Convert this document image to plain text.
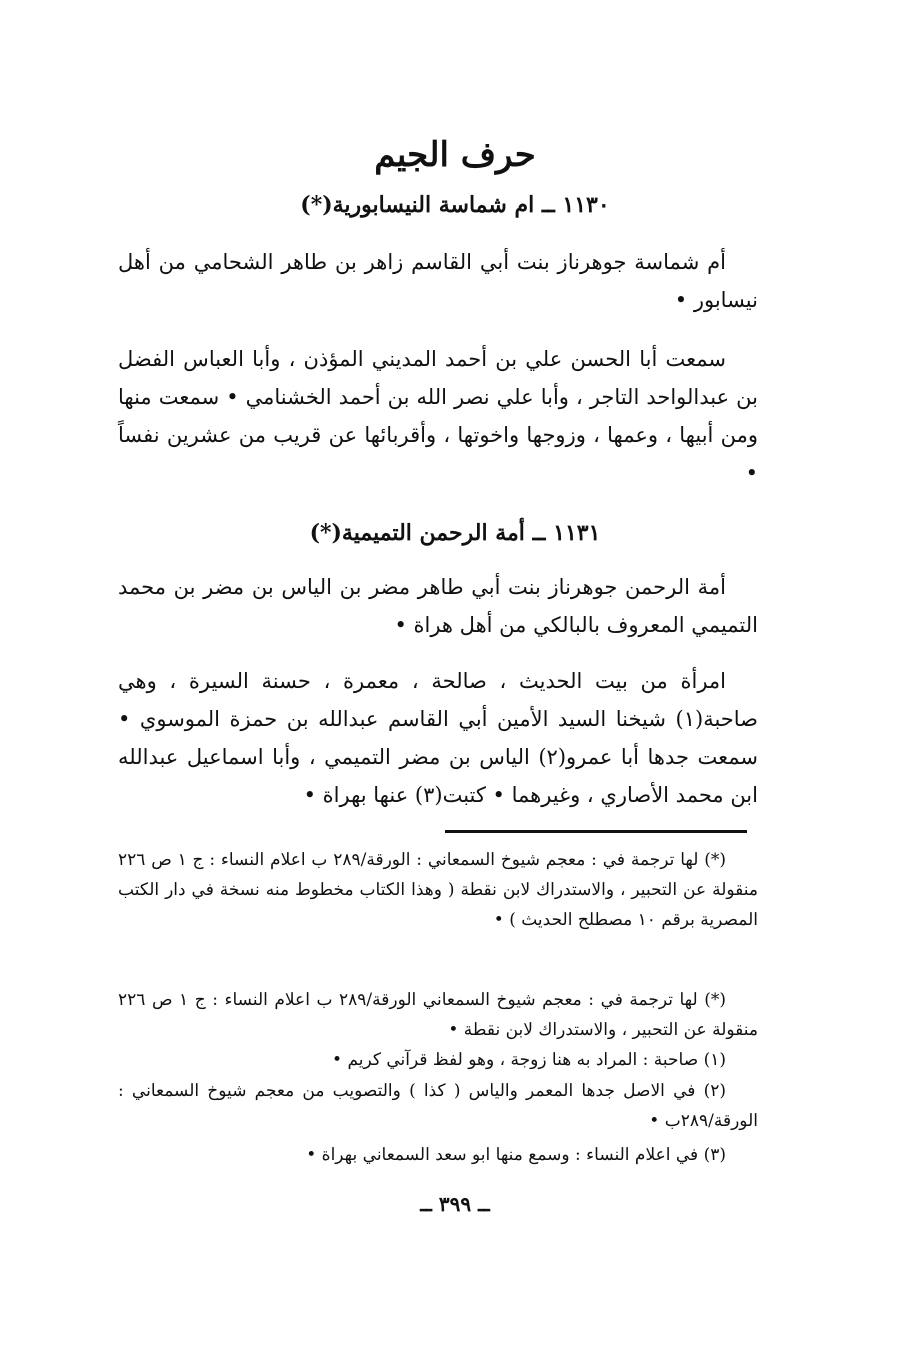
حرف الجيم
١١٣٠ ــ ام شماسة النيسابورية(*)

أم شماسة جوهرناز بنت أبي القاسم زاهر بن طاهر الشحامي من أهل نيسابور •

سمعت أبا الحسن علي بن أحمد المديني المؤذن ، وأبا العباس الفضل بن عبدالواحد التاجر ، وأبا علي نصر الله بن أحمد الخشنامي • سمعت منها ومن أبيها ، وعمها ، وزوجها واخوتها ، وأقربائها عن قريب من عشرين نفساً •

١١٣١ ــ أمة الرحمن التميمية(*)

أمة الرحمن جوهرناز بنت أبي طاهر مضر بن الياس بن مضر بن محمد التميمي المعروف بالبالكي من أهل هراة •

امرأة من بيت الحديث ، صالحة ، معمرة ، حسنة السيرة ، وهي صاحبة(١) شيخنا السيد الأمين أبي القاسم عبدالله بن حمزة الموسوي • سمعت جدها أبا عمرو(٢) الياس بن مضر التميمي ، وأبا اسماعيل عبدالله ابن محمد الأصاري ، وغيرهما • كتبت(٣) عنها بهراة •

(*) لها ترجمة في : معجم شيوخ السمعاني : الورقة/٢٨٩ ب اعلام النساء : ج ١ ص ٢٢٦ منقولة عن التحبير ، والاستدراك لابن نقطة ( وهذا الكتاب مخطوط منه نسخة في دار الكتب المصرية برقم ١٠ مصطلح الحديث ) •

(*) لها ترجمة في : معجم شيوخ السمعاني الورقة/٢٨٩ ب اعلام النساء : ج ١ ص ٢٢٦ منقولة عن التحبير ، والاستدراك لابن نقطة •

(١) صاحبة : المراد به هنا زوجة ، وهو لفظ قرآني كريم •

(٢) في الاصل جدها المعمر والياس ( كذا ) والتصويب من معجم شيوخ السمعاني : الورقة/٢٨٩ب •

(٣) في اعلام النساء : وسمع منها ابو سعد السمعاني بهراة •

ــ ٣٩٩ ــ
